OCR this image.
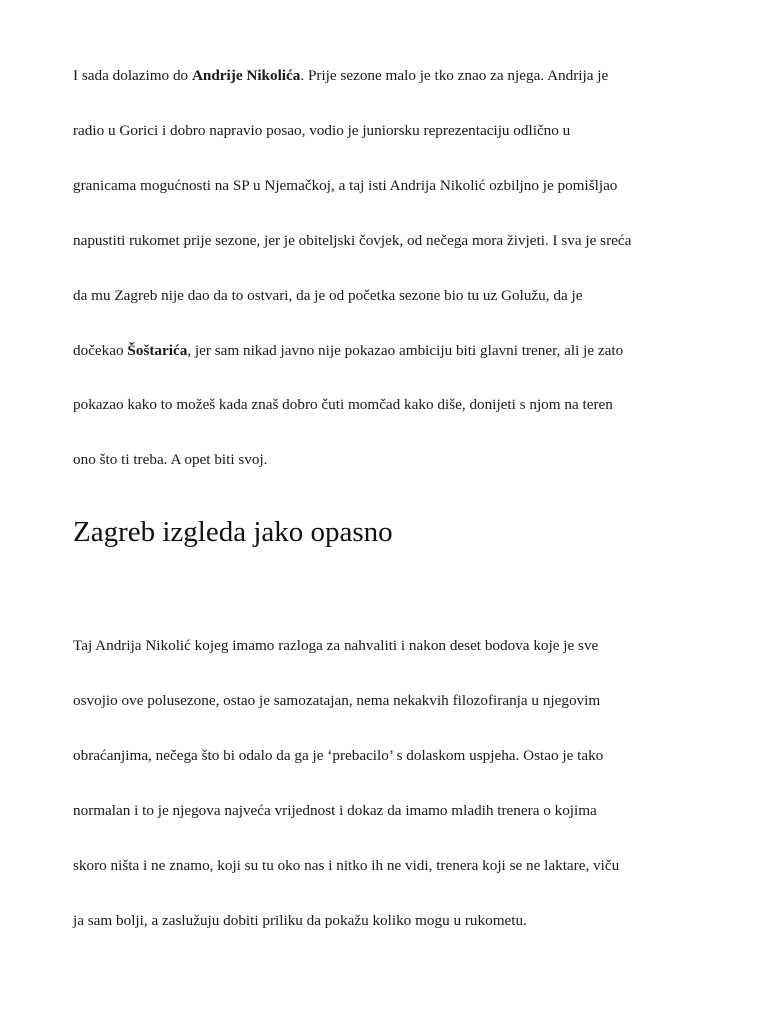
I sada dolazimo do Andrije Nikolića. Prije sezone malo je tko znao za njega. Andrija je
radio u Gorici i dobro napravio posao, vodio je juniorsku reprezentaciju odlično u
granicama mogućnosti na SP u Njemačkoj, a taj isti Andrija Nikolić ozbiljno je pomišljao
napustiti rukomet prije sezone, jer je obiteljski čovjek, od nečega mora živjeti. I sva je sreća
da mu Zagreb nije dao da to ostvari, da je od početka sezone bio tu uz Golužu, da je
dočekao Šoštarića, jer sam nikad javno nije pokazao ambiciju biti glavni trener, ali je zato
pokazao kako to možeš kada znaš dobro čuti momčad kako diše, donijeti s njom na teren
ono što ti treba. A opet biti svoj.

Zagreb izgleda jako opasno

Taj Andrija Nikolić kojeg imamo razloga za nahvaliti i nakon deset bodova koje je sve
osvojio ove polusezone, ostao je samozatajan, nema nekakvih filozofiranja u njegovim
obraćanjima, nečega što bi odalo da ga je ‘prebacilo’ s dolaskom uspjeha. Ostao je tako
normalan i to je njegova najveća vrijednost i dokaz da imamo mladih trenera o kojima
skoro ništa i ne znamo, koji su tu oko nas i nitko ih ne vidi, trenera koji se ne laktare, viču
ja sam bolji, a zaslužuju dobiti priliku da pokažu koliko mogu u rukometu.
